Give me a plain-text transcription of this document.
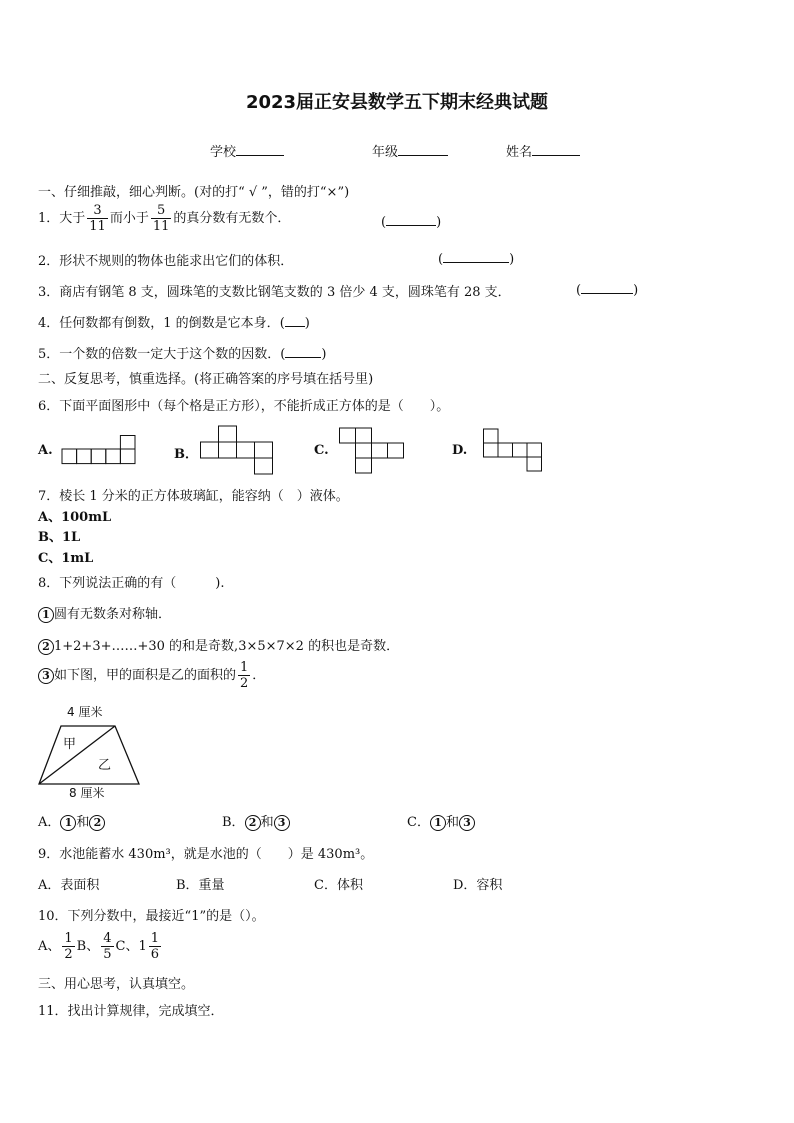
2023届正安县数学五下期末经典试题
学校	年级	姓名
一、仔细推敲，细心判断。(对的打“ √ ”，错的打“×”)
1．大于 $\frac{3}{11}$ 而小于 $\frac{5}{11}$ 的真分数有无数个．	(	)
2．形状不规则的物体也能求出它们的体积．	(	)
3．商店有钢笔 8 支，圆珠笔的支数比钢笔支数的 3 倍少 4 支，圆珠笔有 28 支．	(	)
4．任何数都有倒数，1 的倒数是它本身．( )
5．一个数的倍数一定大于这个数的因数．(	)
二、反复思考，慎重选择。(将正确答案的序号填在括号里)
6．下面平面图形中（每个格是正方形），不能折成正方体的是（　　）。
A.	B．	C.	D.
7．棱长 1 分米的正方体玻璃缸，能容纳（　）液体。
A、100mL
B、1L
C、1mL
8．下列说法正确的有（　　　).
1 圆有无数条对称轴．
2 1+2+3+……+30 的和是奇数,3×5×7×2 的积也是奇数．
3 如下图，甲的面积是乙的面积的 $\frac{1}{2}$ ．
4 厘米
甲
乙
8 厘米
A． 1 和 2	B． 2 和 3	C． 1 和 3
9．水池能蓄水 430m³，就是水池的（　　）是 430m³。
A．表面积	B．重量	C．体积	D．容积
10．下列分数中，最接近“1”的是（）。
A、 $\frac{1}{2}$ B、 $\frac{4}{5}$ C、$1 \frac{1}{6}$
三、用心思考，认真填空。
11．找出计算规律，完成填空．
